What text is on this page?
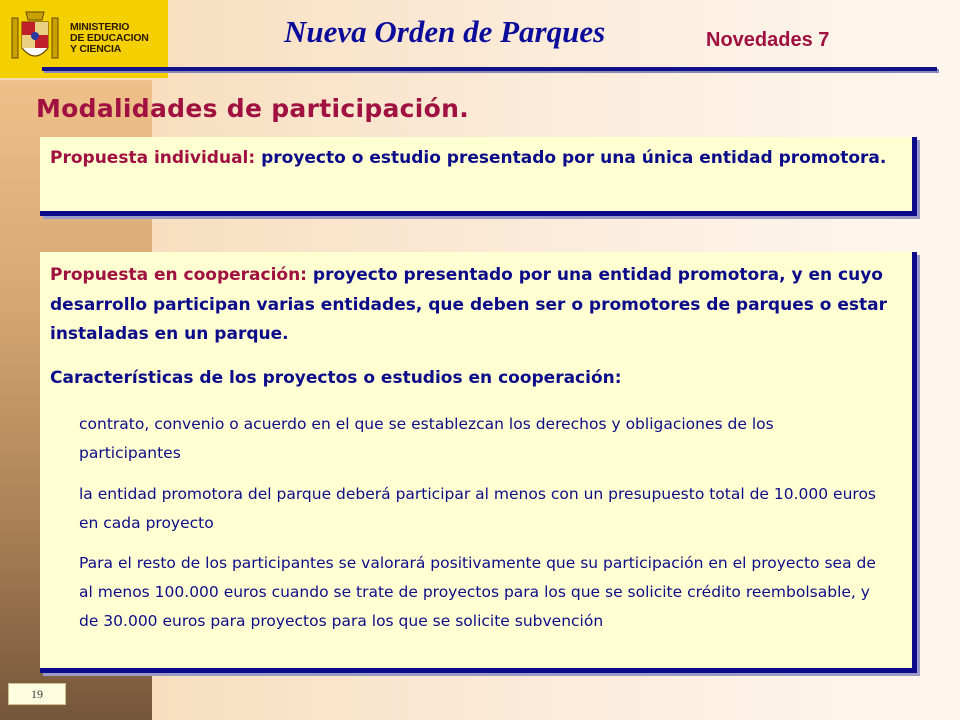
MINISTERIO
DE EDUCACION
Y CIENCIA	Nueva Orden de Parques	Novedades 7
Modalidades de participación.
Propuesta individual: proyecto o estudio presentado por una única entidad promotora.
Propuesta en cooperación: proyecto presentado por una entidad promotora, y en cuyo desarrollo participan varias entidades, que deben ser o promotores de parques o estar instaladas en un parque.
Características de los proyectos o estudios en cooperación:
contrato, convenio o acuerdo en el que se establezcan los derechos y obligaciones de los participantes
la entidad promotora del parque deberá participar al menos con un presupuesto total de 10.000 euros en cada proyecto
Para el resto de los participantes se valorará positivamente que su participación en el proyecto sea de al menos 100.000 euros cuando se trate de proyectos para los que se solicite crédito reembolsable, y de 30.000 euros para proyectos para los que se solicite subvención
19
